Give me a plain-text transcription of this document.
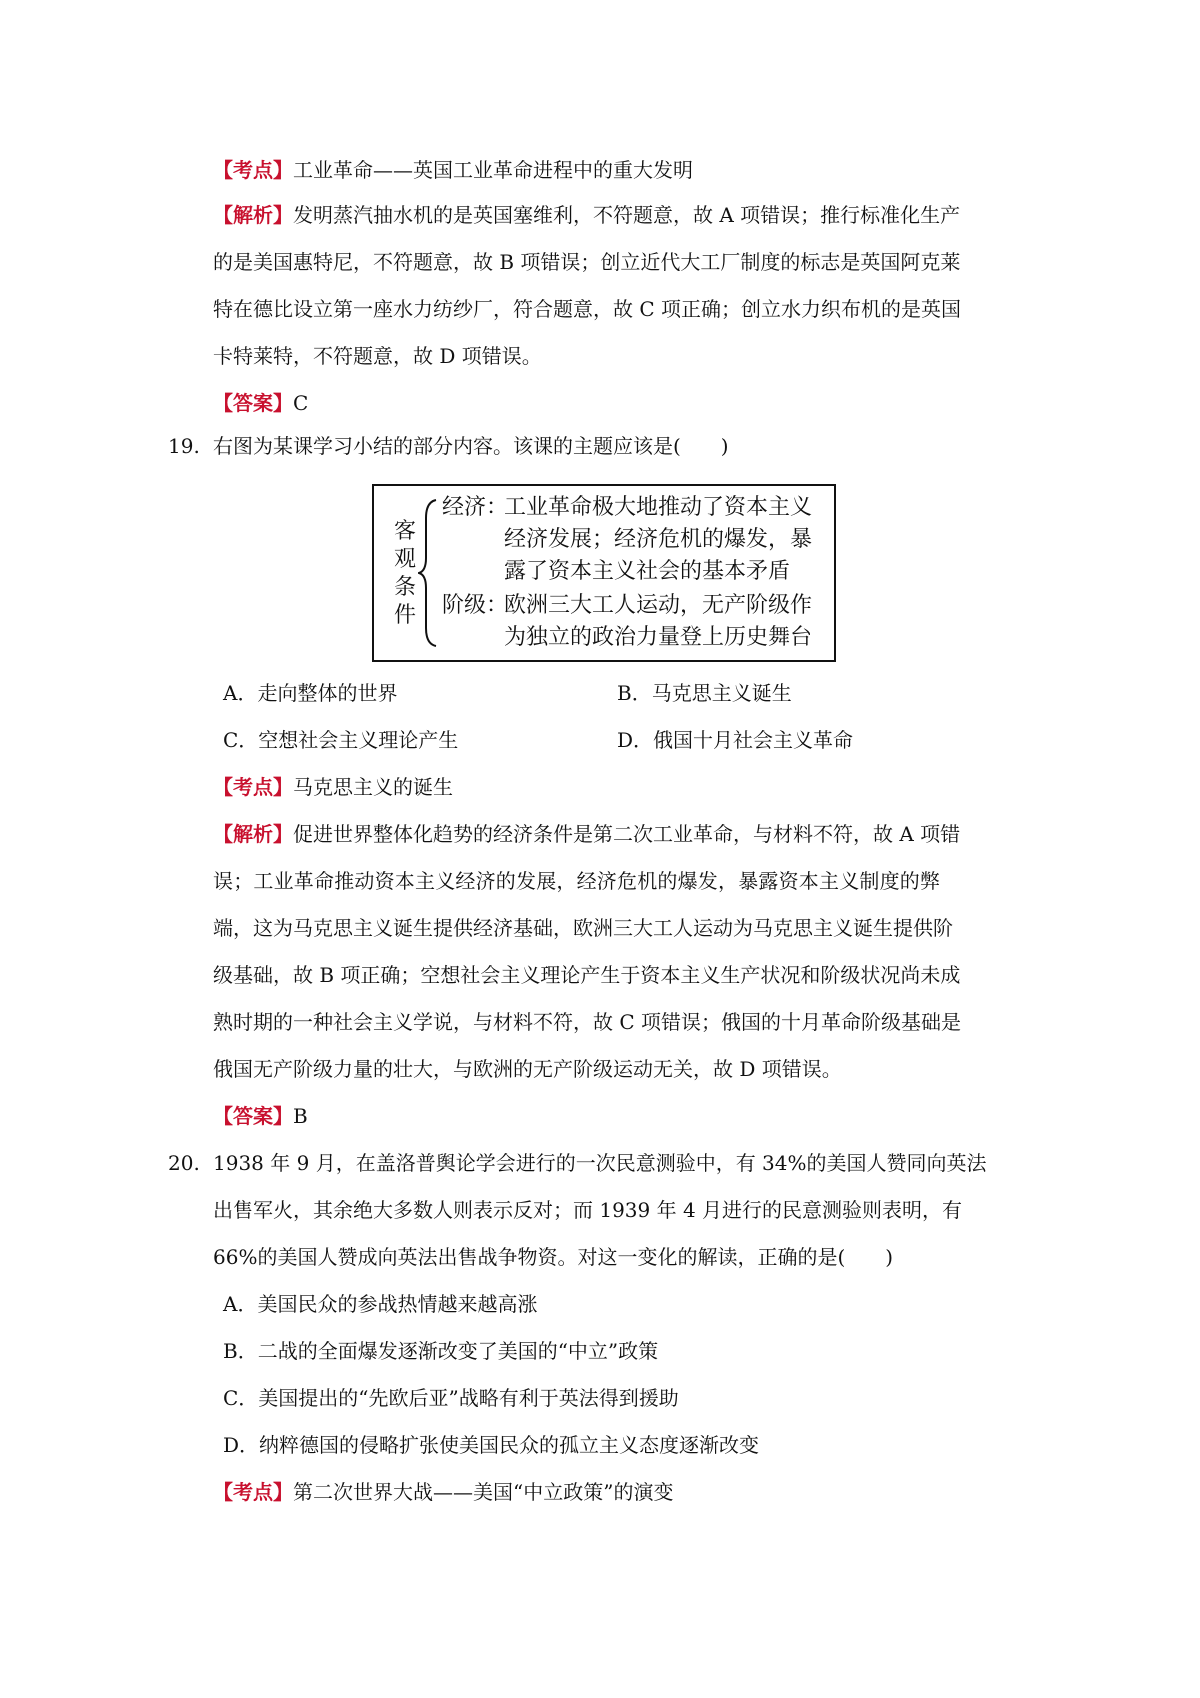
【考点】工业革命——英国工业革命进程中的重大发明
【解析】发明蒸汽抽水机的是英国塞维利，不符题意，故 A 项错误；推行标准化生产
的是美国惠特尼，不符题意，故 B 项错误；创立近代大工厂制度的标志是英国阿克莱
特在德比设立第一座水力纺纱厂，符合题意，故 C 项正确；创立水力织布机的是英国
卡特莱特，不符题意，故 D 项错误。
【答案】C
19. 右图为某课学习小结的部分内容。该课的主题应该是(　　)
客
观
条
件
经济：
工业革命极大地推动了资本主义
经济发展；经济危机的爆发，暴
露了资本主义社会的基本矛盾
阶级：
欧洲三大工人运动，无产阶级作
为独立的政治力量登上历史舞台
A．走向整体的世界	B．马克思主义诞生
C．空想社会主义理论产生	D．俄国十月社会主义革命
【考点】马克思主义的诞生
【解析】促进世界整体化趋势的经济条件是第二次工业革命，与材料不符，故 A 项错
误；工业革命推动资本主义经济的发展，经济危机的爆发，暴露资本主义制度的弊
端，这为马克思主义诞生提供经济基础，欧洲三大工人运动为马克思主义诞生提供阶
级基础，故 B 项正确；空想社会主义理论产生于资本主义生产状况和阶级状况尚未成
熟时期的一种社会主义学说，与材料不符，故 C 项错误；俄国的十月革命阶级基础是
俄国无产阶级力量的壮大，与欧洲的无产阶级运动无关，故 D 项错误。
【答案】B
20. 1938 年 9 月，在盖洛普舆论学会进行的一次民意测验中，有 34%的美国人赞同向英法
出售军火，其余绝大多数人则表示反对；而 1939 年 4 月进行的民意测验则表明，有
66%的美国人赞成向英法出售战争物资。对这一变化的解读，正确的是(　　)
A．美国民众的参战热情越来越高涨
B．二战的全面爆发逐渐改变了美国的“中立”政策
C．美国提出的“先欧后亚”战略有利于英法得到援助
D．纳粹德国的侵略扩张使美国民众的孤立主义态度逐渐改变
【考点】第二次世界大战——美国“中立政策”的演变
